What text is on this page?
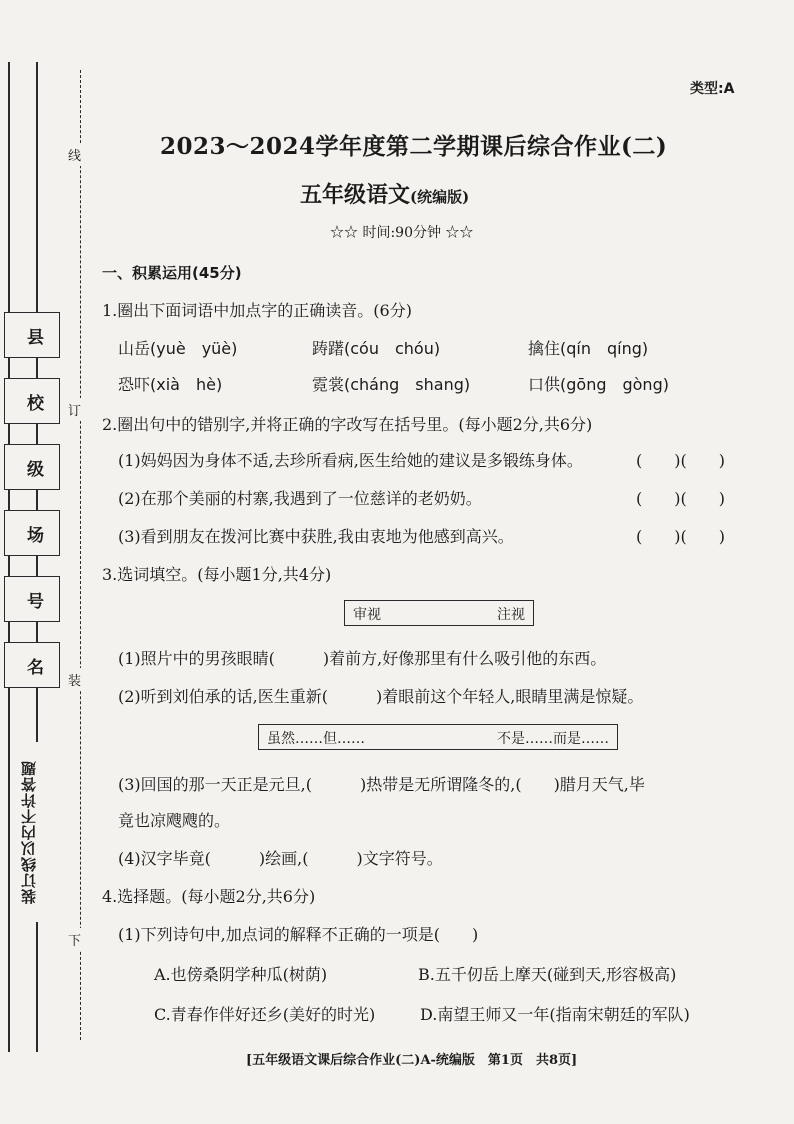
县
校
级
场
号
名
线
订
装
下
装订线以内不许答题
类型:A
2023～2024学年度第二学期课后综合作业(二)
五年级语文(统编版)
☆☆ 时间:90分钟 ☆☆
一、积累运用(45分)
1.圈出下面词语中加点字的正确读音。(6分)
山岳(yuè　yüè)	踌躇(cóu　chóu)	擒住(qín　qíng)
恐吓(xià　hè)	霓裳(cháng　shang)	口供(gōng　gòng)
2.圈出句中的错别字,并将正确的字改写在括号里。(每小题2分,共6分)
(1)妈妈因为身体不适,去珍所看病,医生给她的建议是多锻练身体。	(　　)(　　)
(2)在那个美丽的村寨,我遇到了一位慈详的老奶奶。	(　　)(　　)
(3)看到朋友在拨河比赛中获胜,我由衷地为他感到高兴。	(　　)(　　)
3.选词填空。(每小题1分,共4分)
审视	注视
(1)照片中的男孩眼睛(　　　)着前方,好像那里有什么吸引他的东西。
(2)听到刘伯承的话,医生重新(　　　)着眼前这个年轻人,眼睛里满是惊疑。
虽然……但……	不是……而是……
(3)回国的那一天正是元旦,(　　　)热带是无所谓隆冬的,(　　)腊月天气,毕
竟也凉飕飕的。
(4)汉字毕竟(　　　)绘画,(　　　)文字符号。
4.选择题。(每小题2分,共6分)
(1)下列诗句中,加点词的解释不正确的一项是(　　)
A.也傍桑阴学种瓜(树荫)	B.五千仞岳上摩天(碰到天,形容极高)
C.青春作伴好还乡(美好的时光)	D.南望王师又一年(指南宋朝廷的军队)
[五年级语文课后综合作业(二)A-统编版　第1页　共8页]
